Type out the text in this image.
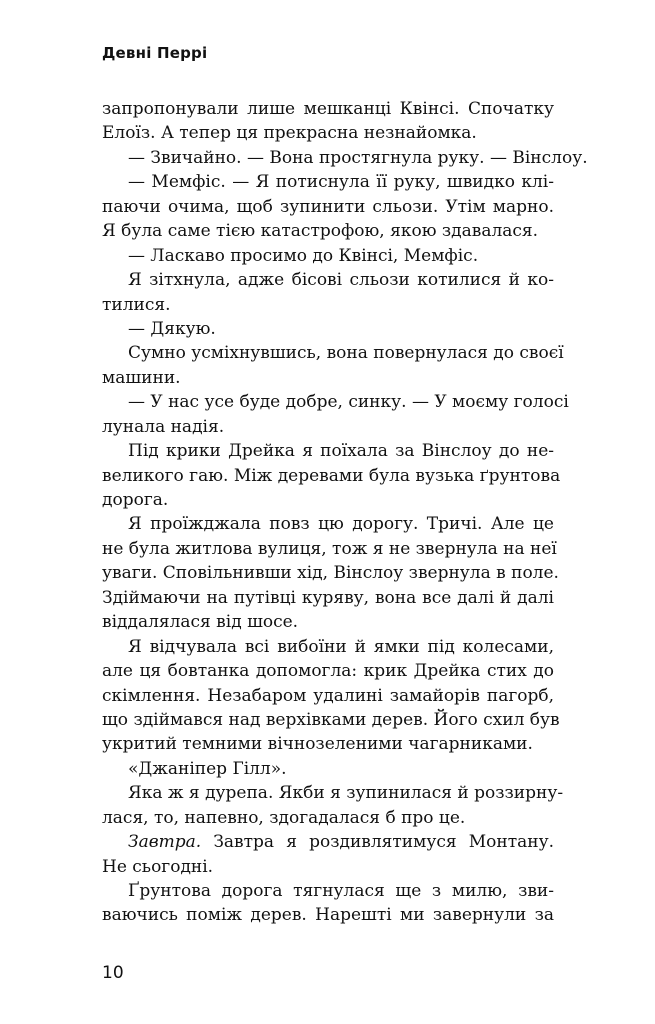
Девні Перрі
запропонували лише мешканці Квінсі. Спочатку
Елоїз. А тепер ця прекрасна незнайомка.
— Звичайно. — Вона простягнула руку. — Вінслоу.
— Мемфіс. — Я потиснула її руку, швидко клі-
паючи очима, щоб зупинити сльози. Утім марно.
Я була саме тією катастрофою, якою здавалася.
— Ласкаво просимо до Квінсі, Мемфіс.
Я зітхнула, адже бісові сльози котилися й ко-
тилися.
— Дякую.
Сумно усміхнувшись, вона повернулася до своєї
машини.
— У нас усе буде добре, синку. — У моєму голосі
лунала надія.
Під крики Дрейка я поїхала за Вінслоу до не-
великого гаю. Між деревами була вузька ґрунтова
дорога.
Я проїжджала повз цю дорогу. Тричі. Але це
не була житлова вулиця, тож я не звернула на неї
уваги. Сповільнивши хід, Вінслоу звернула в поле.
Здіймаючи на путівці куряву, вона все далі й далі
віддалялася від шосе.
Я відчувала всі вибоїни й ямки під колесами,
але ця бовтанка допомогла: крик Дрейка стих до
скімлення. Незабаром удалині замайорів пагорб,
що здіймався над верхівками дерев. Його схил був
укритий темними вічнозеленими чагарниками.
«Джаніпер Гілл».
Яка ж я дурепа. Якби я зупинилася й роззирну-
лася, то, напевно, здогадалася б про це.
Завтра. Завтра я роздивлятимуся Монтану.
Не сьогодні.
Ґрунтова дорога тягнулася ще з милю, зви-
ваючись поміж дерев. Нарешті ми завернули за
10
